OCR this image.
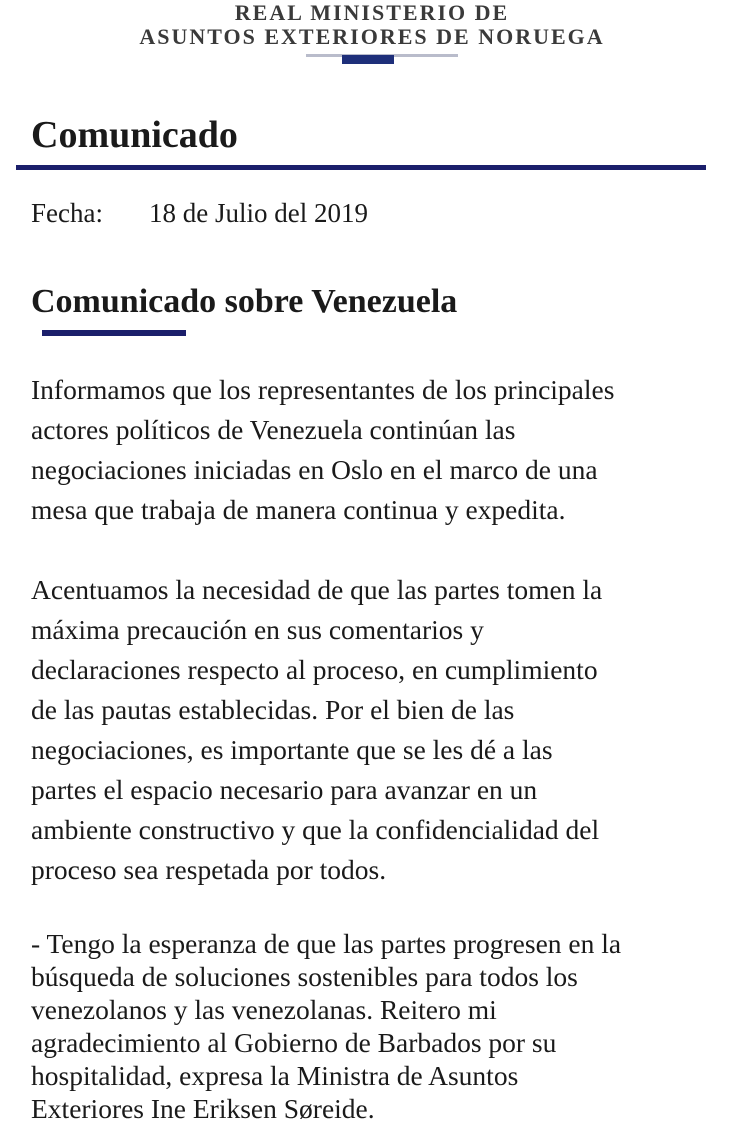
REAL MINISTERIO DE
ASUNTOS EXTERIORES DE NORUEGA
Comunicado
Fecha: 18 de Julio del 2019
Comunicado sobre Venezuela
Informamos que los representantes de los principales
actores políticos de Venezuela continúan las
negociaciones iniciadas en Oslo en el marco de una
mesa que trabaja de manera continua y expedita.
Acentuamos la necesidad de que las partes tomen la
máxima precaución en sus comentarios y
declaraciones respecto al proceso, en cumplimiento
de las pautas establecidas. Por el bien de las
negociaciones, es importante que se les dé a las
partes el espacio necesario para avanzar en un
ambiente constructivo y que la confidencialidad del
proceso sea respetada por todos.
- Tengo la esperanza de que las partes progresen en la
búsqueda de soluciones sostenibles para todos los
venezolanos y las venezolanas. Reitero mi
agradecimiento al Gobierno de Barbados por su
hospitalidad, expresa la Ministra de Asuntos
Exteriores Ine Eriksen Søreide.
